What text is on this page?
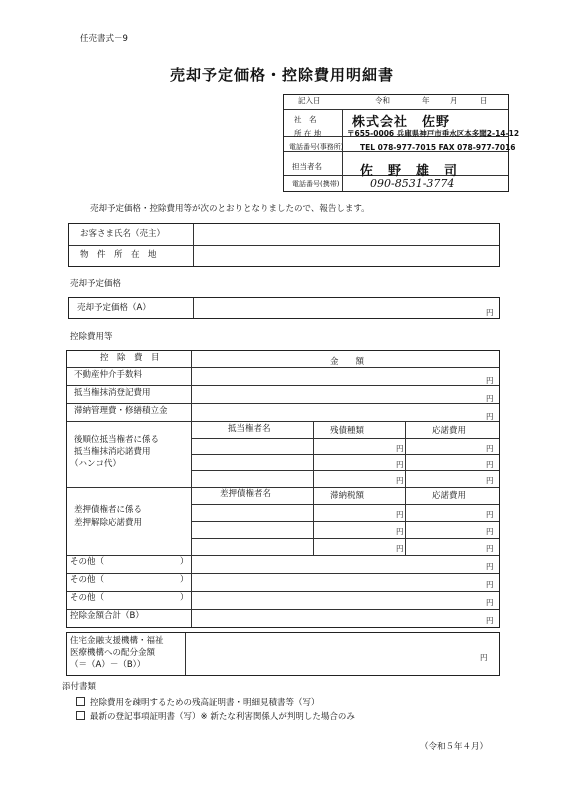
任売書式－9
売却予定価格・控除費用明細書
記入日	令和	年	月	日
社　名	株式会社　佐野
所 在 地	〒655-0006 兵庫県神戸市垂水区本多聞2-14-12
電話番号(事務所) TEL 078-977-7015 FAX 078-977-7016
担当者名	佐　野　雄　司
電話番号(携帯)	090-8531-3774
売却予定価格・控除費用等が次のとおりとなりましたので、報告します。
お客さま氏名（売主）
物　件　所　在　地
売却予定価格
売却予定価格（A）	円
控除費用等
控　除　費　目	金　　額
不動産仲介手数料
円
抵当権抹消登記費用
円
滞納管理費・修繕積立金
円
後順位抵当権者に係る
抵当権抹消応諾費用
（ハンコ代）
抵当権者名	残債種類	応諾費用
円	円
円	円
円	円
差押債権者に係る
差押解除応諾費用
差押債権者名	滞納税額	応諾費用
円	円
円	円
円	円
その他（	）	円
その他（	）	円
その他（	）	円
控除金額合計（B）	円
住宅金融支援機構・福祉
医療機構への配分金額
（＝（A）－（B））
円
添付書類
控除費用を疎明するための残高証明書・明細見積書等（写）
最新の登記事項証明書（写）※ 新たな利害関係人が判明した場合のみ
（令和５年４月）
